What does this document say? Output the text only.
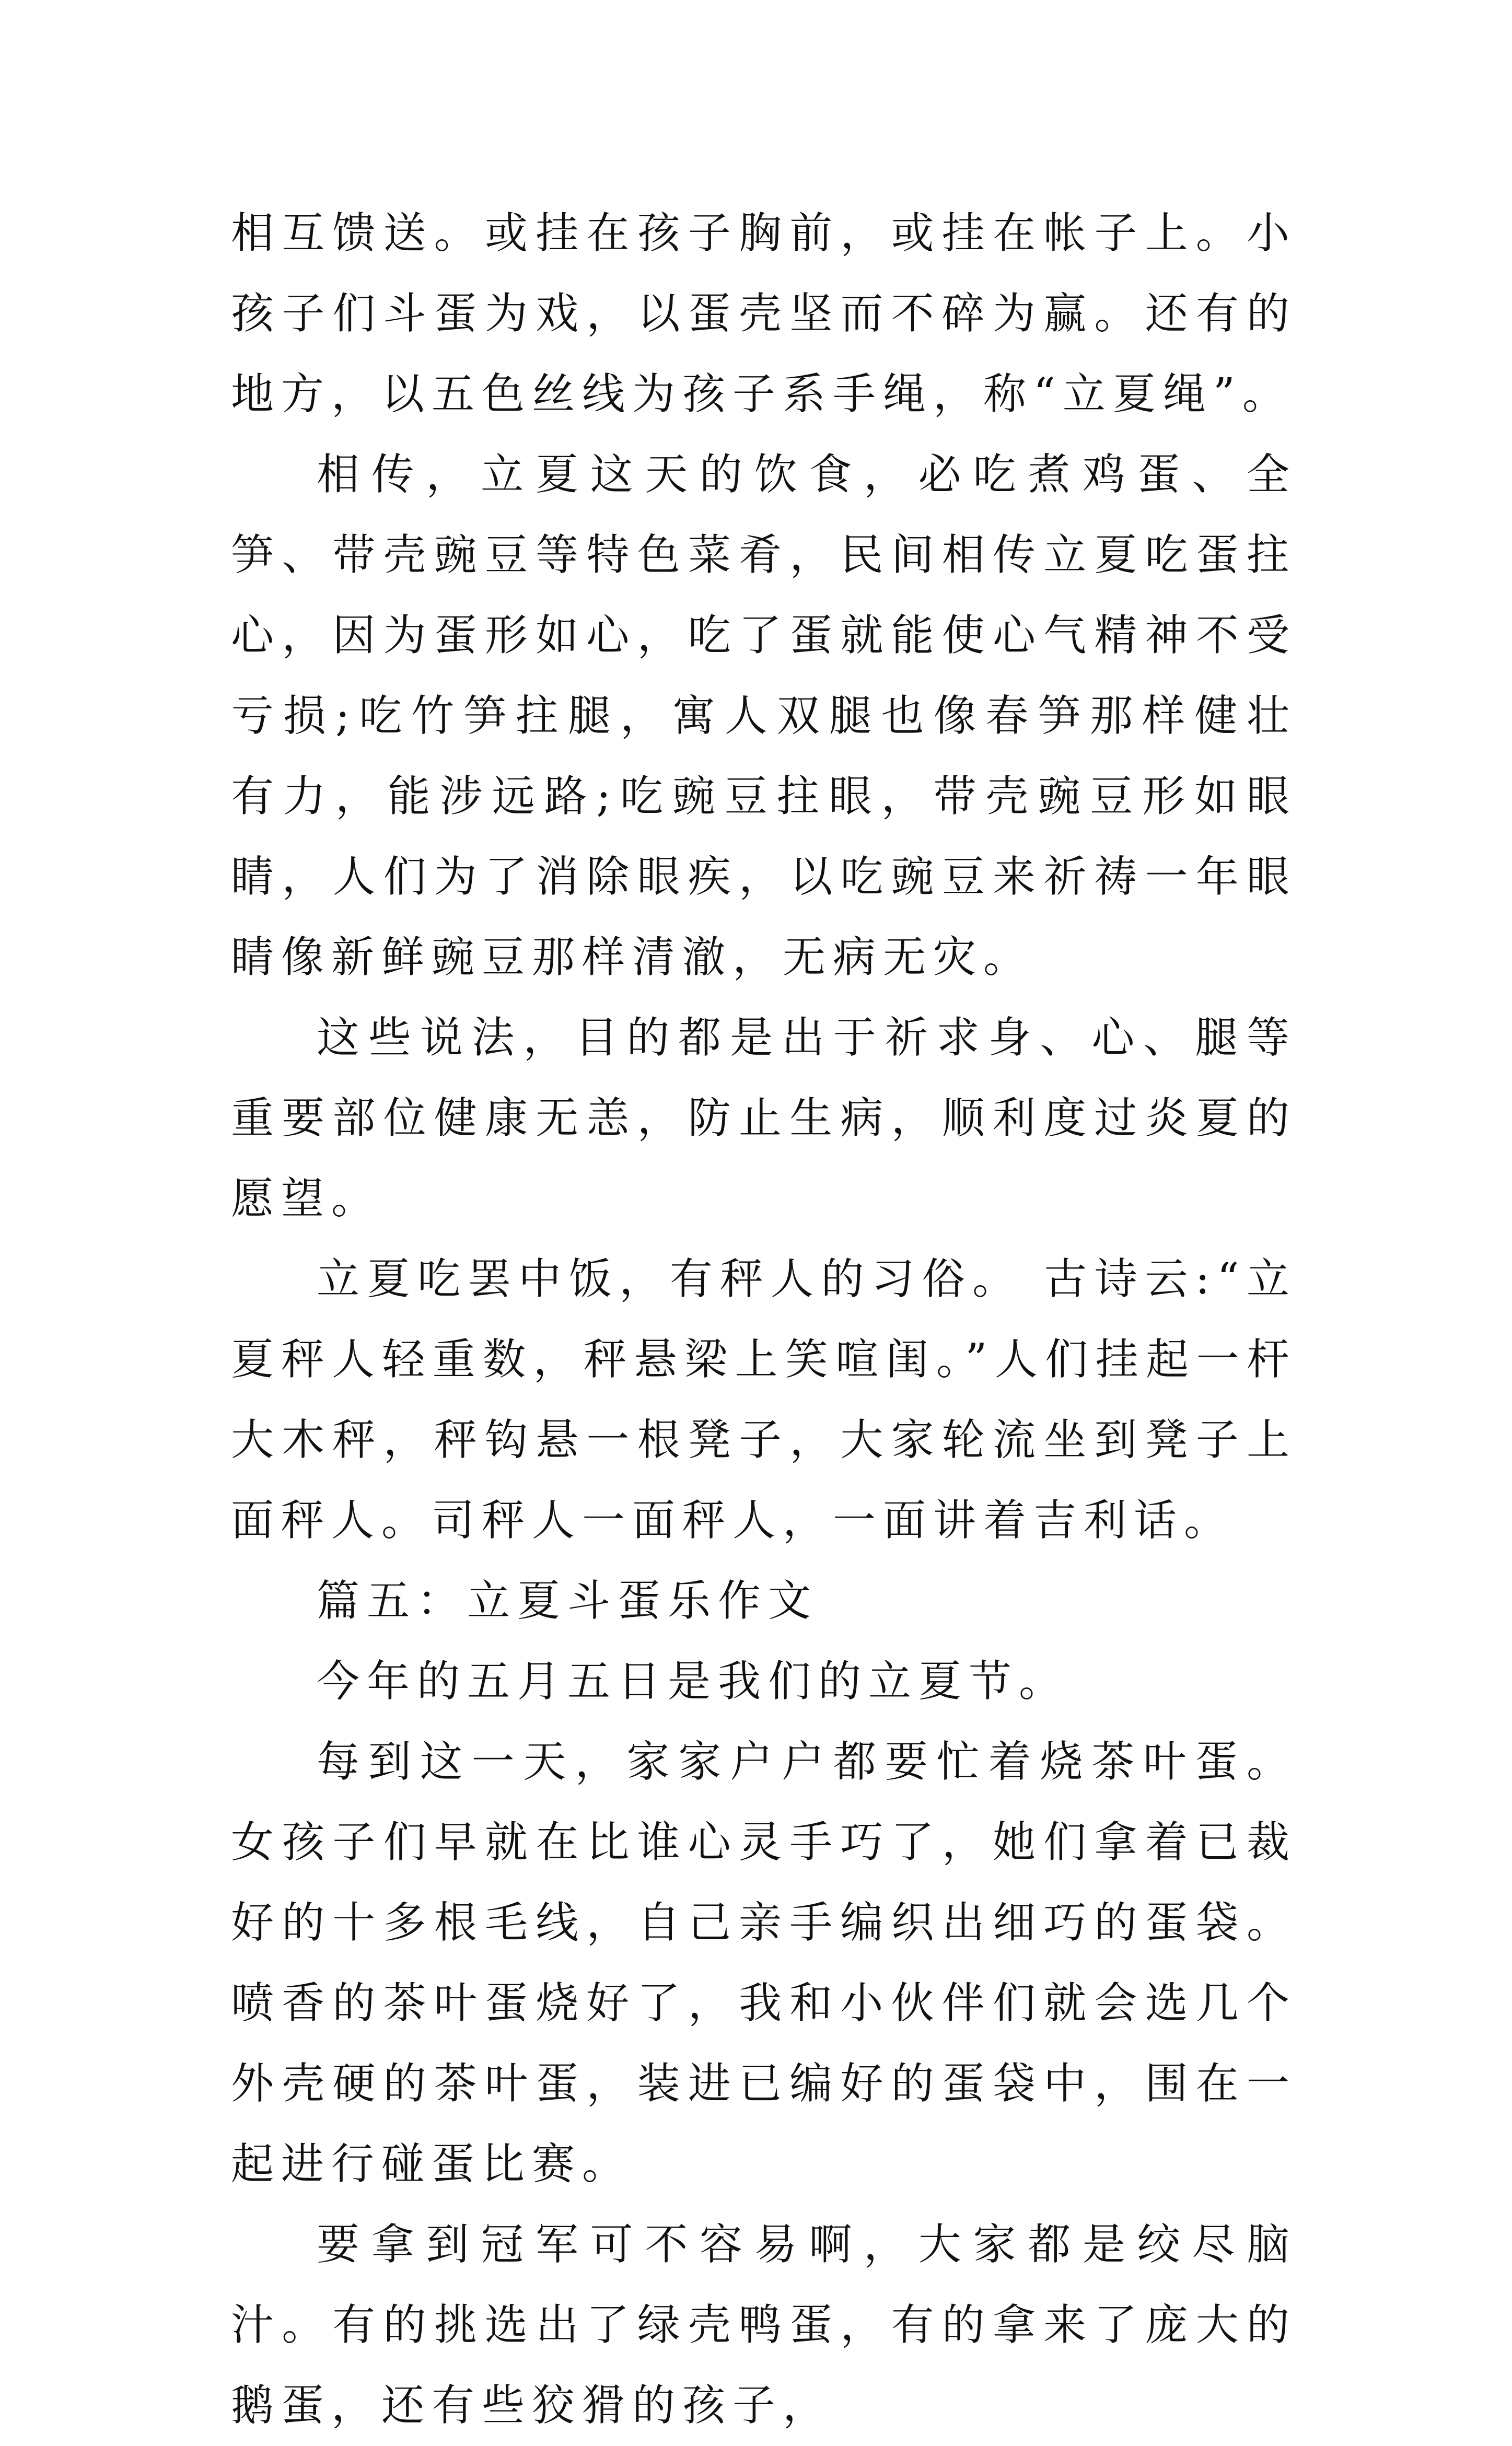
相互馈送。或挂在孩子胸前，或挂在帐子上。小孩子们斗蛋为戏，以蛋壳坚而不碎为赢。还有的地方，以五色丝线为孩子系手绳，称“立夏绳”。

相传，立夏这天的饮食，必吃煮鸡蛋、全笋、带壳豌豆等特色菜肴，民间相传立夏吃蛋拄心，因为蛋形如心，吃了蛋就能使心气精神不受亏损;吃竹笋拄腿，寓人双腿也像春笋那样健壮有力，能涉远路;吃豌豆拄眼，带壳豌豆形如眼睛，人们为了消除眼疾，以吃豌豆来祈祷一年眼睛像新鲜豌豆那样清澈，无病无灾。

这些说法，目的都是出于祈求身、心、腿等重要部位健康无恙，防止生病，顺利度过炎夏的愿望。

立夏吃罢中饭，有秤人的习俗。 古诗云:“立夏秤人轻重数，秤悬梁上笑喧闺。”人们挂起一杆大木秤，秤钩悬一根凳子，大家轮流坐到凳子上面秤人。司秤人一面秤人，一面讲着吉利话。

篇五：立夏斗蛋乐作文

今年的五月五日是我们的立夏节。

每到这一天，家家户户都要忙着烧茶叶蛋。女孩子们早就在比谁心灵手巧了，她们拿着已裁好的十多根毛线，自己亲手编织出细巧的蛋袋。喷香的茶叶蛋烧好了，我和小伙伴们就会选几个外壳硬的茶叶蛋，装进已编好的蛋袋中，围在一起进行碰蛋比赛。

要拿到冠军可不容易啊，大家都是绞尽脑汁。有的挑选出了绿壳鸭蛋，有的拿来了庞大的鹅蛋，还有些狡猾的孩子，
